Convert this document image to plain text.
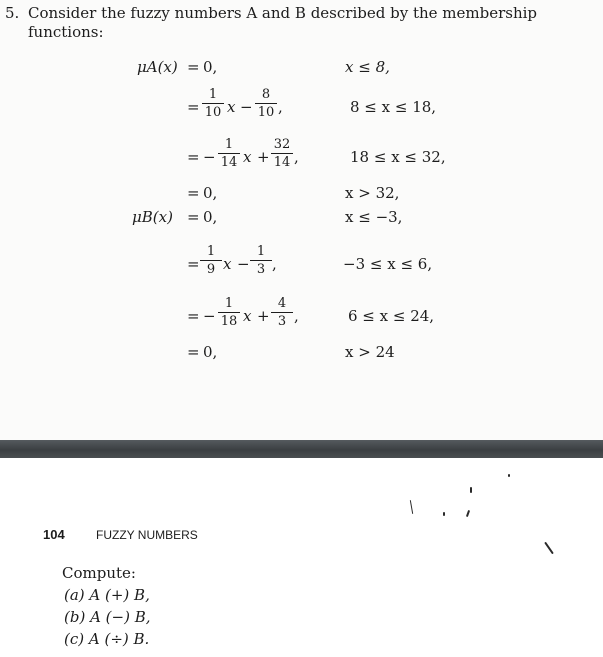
5. Consider the fuzzy numbers A and B described by the membership
functions:
μA(x) = 0,	x ≤ 8,
=
1
10 x −
8
10 ,	8 ≤ x ≤ 18,
= −
1
14 x +
32
14 ,	18 ≤ x ≤ 32,
= 0,	x > 32,
μB(x) = 0,	x ≤ −3,
=
1
9 x −
1
3 ,	−3 ≤ x ≤ 6,
= −
1
18 x +
4
3 ,	6 ≤ x ≤ 24,
= 0,	x > 24
104	FUZZY NUMBERS
Compute:
(a) A (+) B,
(b) A (−) B,
(c) A (÷) B.
